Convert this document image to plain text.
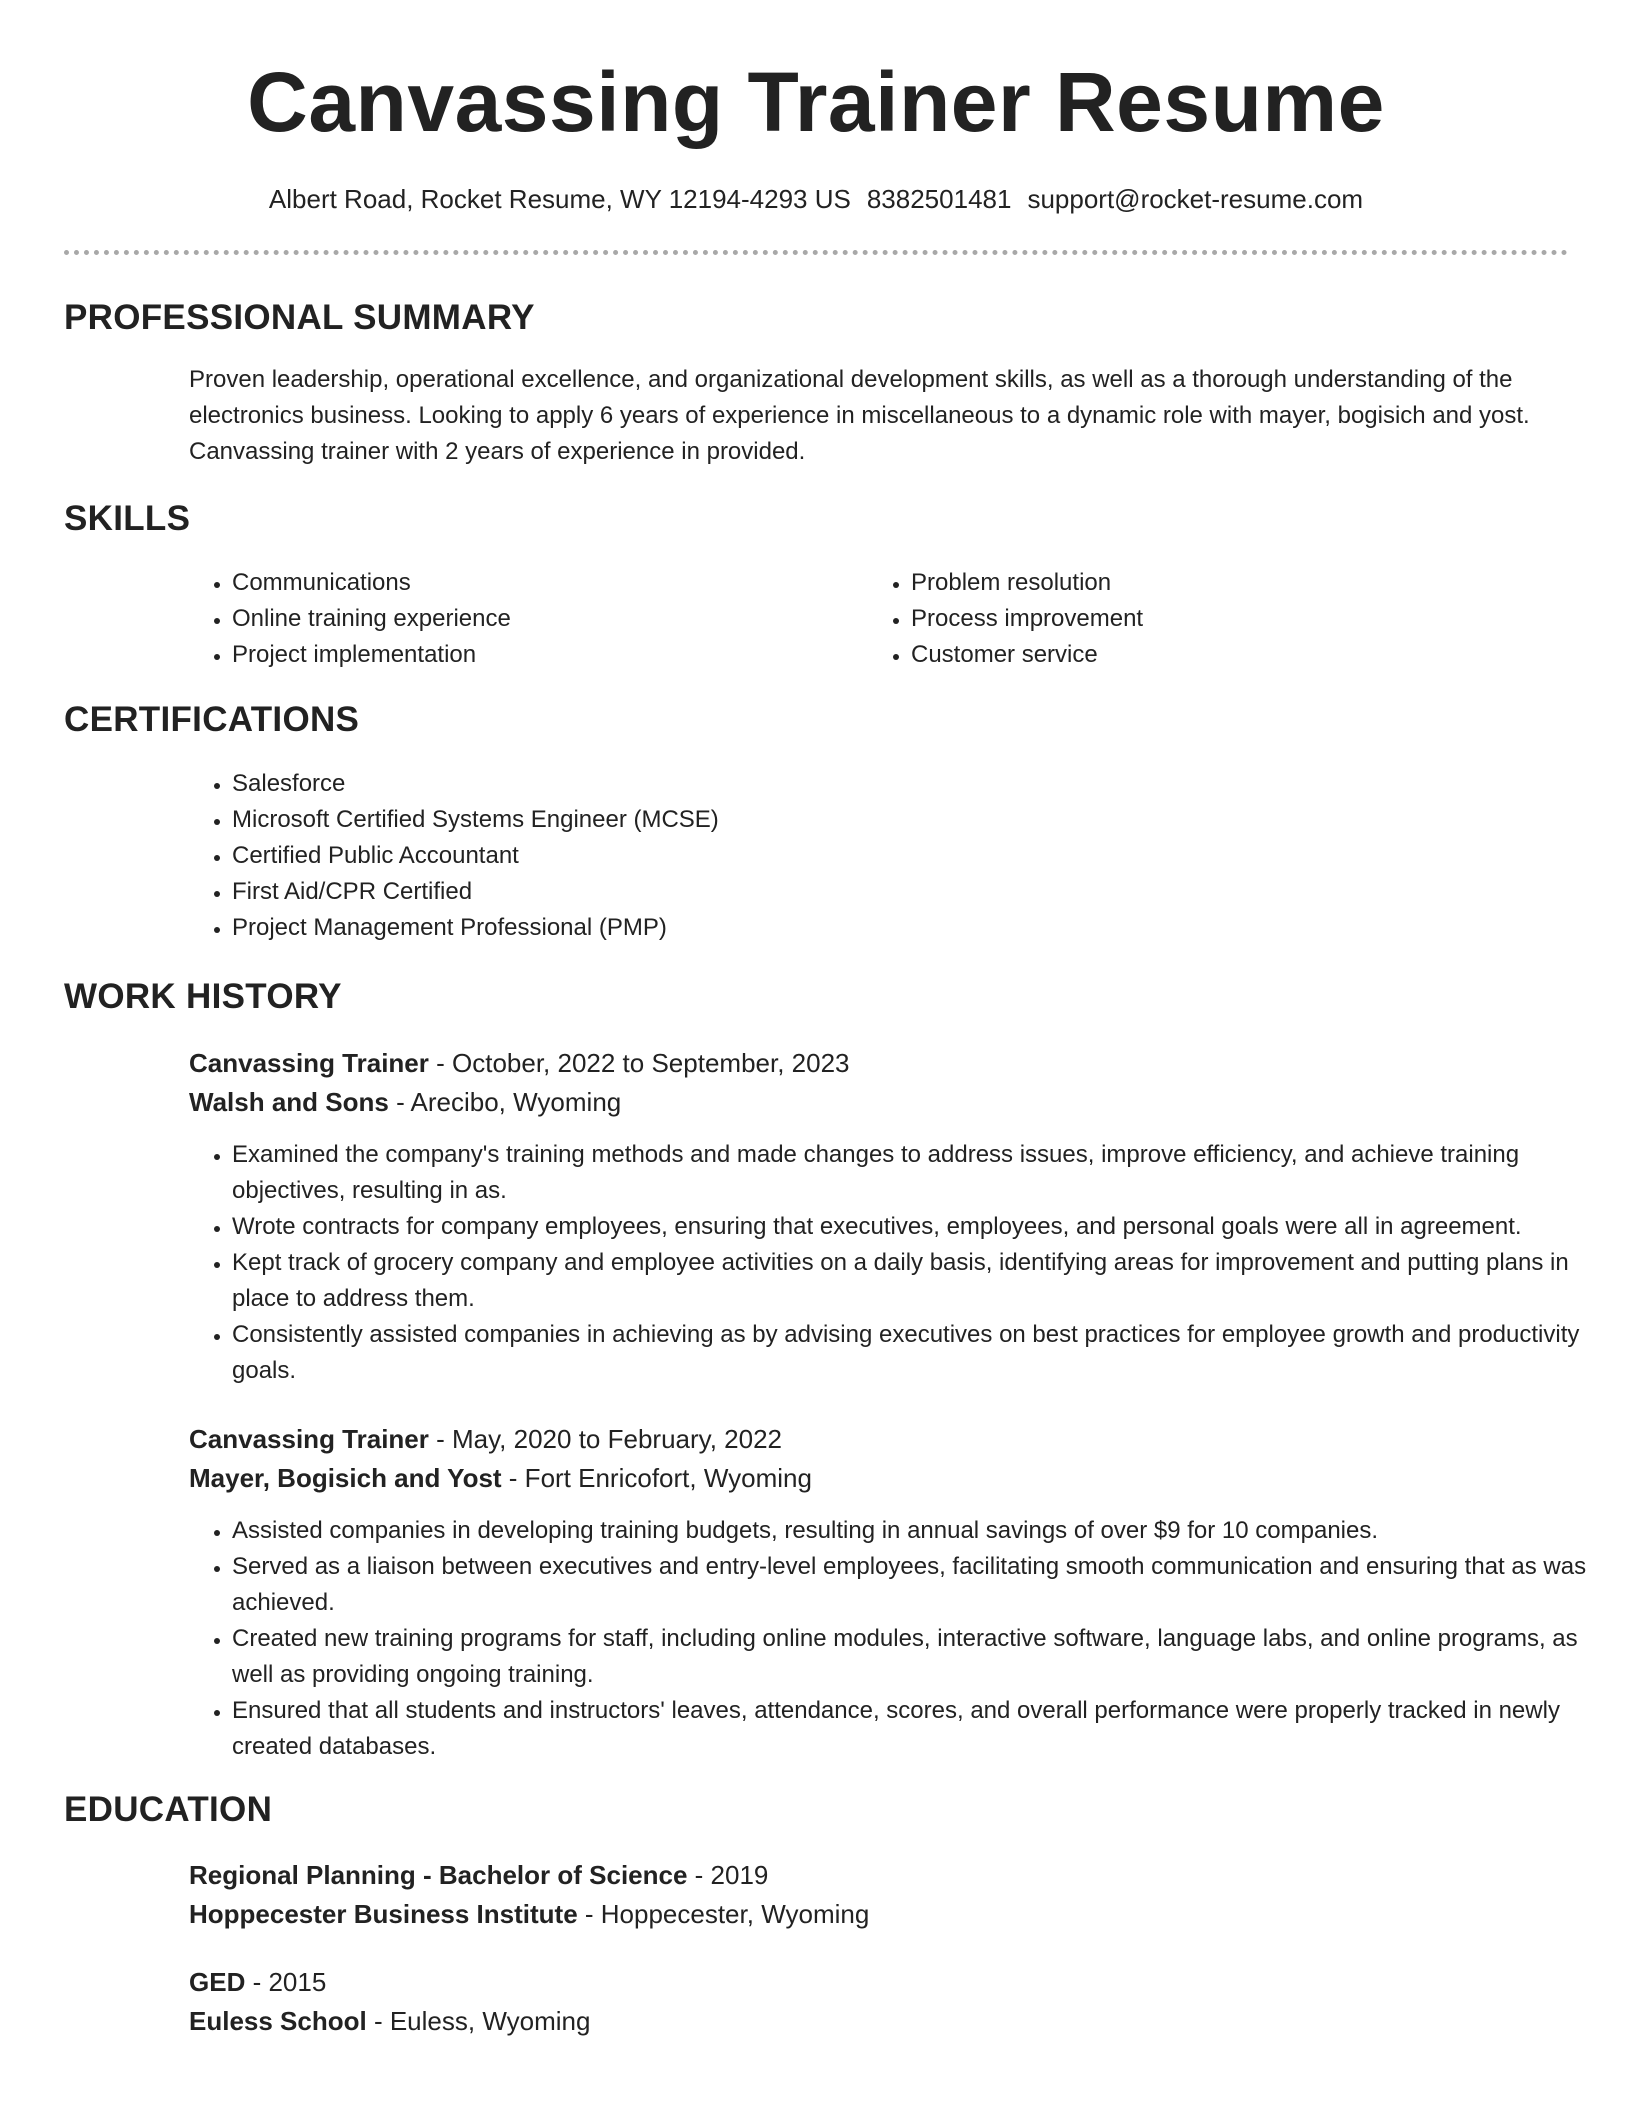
Canvassing Trainer Resume
Albert Road, Rocket Resume, WY 12194-4293 US 8382501481 support@rocket-resume.com
PROFESSIONAL SUMMARY

Proven leadership, operational excellence, and organizational development skills, as well as a thorough understanding of the electronics business. Looking to apply 6 years of experience in miscellaneous to a dynamic role with mayer, bogisich and yost. Canvassing trainer with 2 years of experience in provided.

SKILLS
• Communications
• Online training experience
• Project implementation
• Problem resolution
• Process improvement
• Customer service
CERTIFICATIONS
• Salesforce
• Microsoft Certified Systems Engineer (MCSE)
• Certified Public Accountant
• First Aid/CPR Certified
• Project Management Professional (PMP)
WORK HISTORY
Canvassing Trainer - October, 2022 to September, 2023
Walsh and Sons - Arecibo, Wyoming
• Examined the company's training methods and made changes to address issues, improve efficiency, and achieve training objectives, resulting in as.
• Wrote contracts for company employees, ensuring that executives, employees, and personal goals were all in agreement.
• Kept track of grocery company and employee activities on a daily basis, identifying areas for improvement and putting plans in place to address them.
• Consistently assisted companies in achieving as by advising executives on best practices for employee growth and productivity goals.
Canvassing Trainer - May, 2020 to February, 2022
Mayer, Bogisich and Yost - Fort Enricofort, Wyoming
• Assisted companies in developing training budgets, resulting in annual savings of over $9 for 10 companies.
• Served as a liaison between executives and entry-level employees, facilitating smooth communication and ensuring that as was achieved.
• Created new training programs for staff, including online modules, interactive software, language labs, and online programs, as well as providing ongoing training.
• Ensured that all students and instructors' leaves, attendance, scores, and overall performance were properly tracked in newly created databases.
EDUCATION
Regional Planning - Bachelor of Science - 2019
Hoppecester Business Institute - Hoppecester, Wyoming
GED - 2015
Euless School - Euless, Wyoming
